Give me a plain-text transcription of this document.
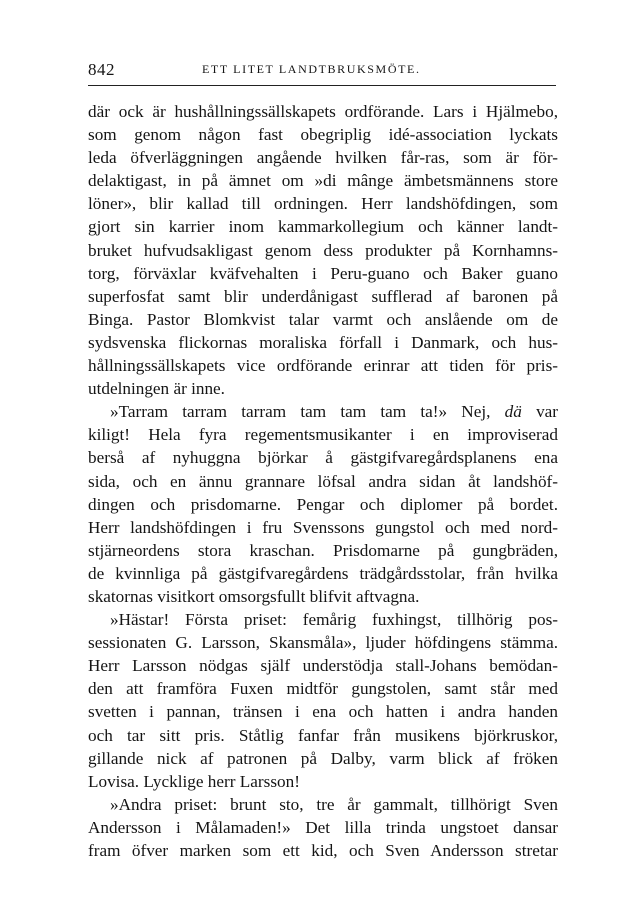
842	ETT LITET LANDTBRUKSMÖTE.
där ock är hushållningssällskapets ordförande. Lars i Hjälmebo,
som genom någon fast obegriplig idé-association lyckats
leda öfverläggningen angående hvilken får-ras, som är för-
delaktigast, in på ämnet om »di mânge ämbetsmännens store
löner», blir kallad till ordningen. Herr landshöfdingen, som
gjort sin karrier inom kammarkollegium och känner landt-
bruket hufvudsakligast genom dess produkter på Kornhamns-
torg, förväxlar kväfvehalten i Peru-guano och Baker guano
superfosfat samt blir underdånigast sufflerad af baronen på
Binga. Pastor Blomkvist talar varmt och anslående om de
sydsvenska flickornas moraliska förfall i Danmark, och hus-
hållningssällskapets vice ordförande erinrar att tiden för pris-
utdelningen är inne.
»Tarram tarram tarram tam tam tam ta!» Nej, dä var
kiligt! Hela fyra regementsmusikanter i en improviserad
berså af nyhuggna björkar å gästgifvaregårdsplanens ena
sida, och en ännu grannare löfsal andra sidan åt landshöf-
dingen och prisdomarne. Pengar och diplomer på bordet.
Herr landshöfdingen i fru Svenssons gungstol och med nord-
stjärneordens stora kraschan. Prisdomarne på gungbräden,
de kvinnliga på gästgifvaregårdens trädgårdsstolar, från hvilka
skatornas visitkort omsorgsfullt blifvit aftvagna.
»Hästar! Första priset: femårig fuxhingst, tillhörig pos-
sessionaten G. Larsson, Skansmåla», ljuder höfdingens stämma.
Herr Larsson nödgas själf understödja stall-Johans bemödan-
den att framföra Fuxen midtför gungstolen, samt står med
svetten i pannan, tränsen i ena och hatten i andra handen
och tar sitt pris. Ståtlig fanfar från musikens björkruskor,
gillande nick af patronen på Dalby, varm blick af fröken
Lovisa. Lycklige herr Larsson!
»Andra priset: brunt sto, tre år gammalt, tillhörigt Sven
Andersson i Målamaden!» Det lilla trinda ungstoet dansar
fram öfver marken som ett kid, och Sven Andersson stretar
